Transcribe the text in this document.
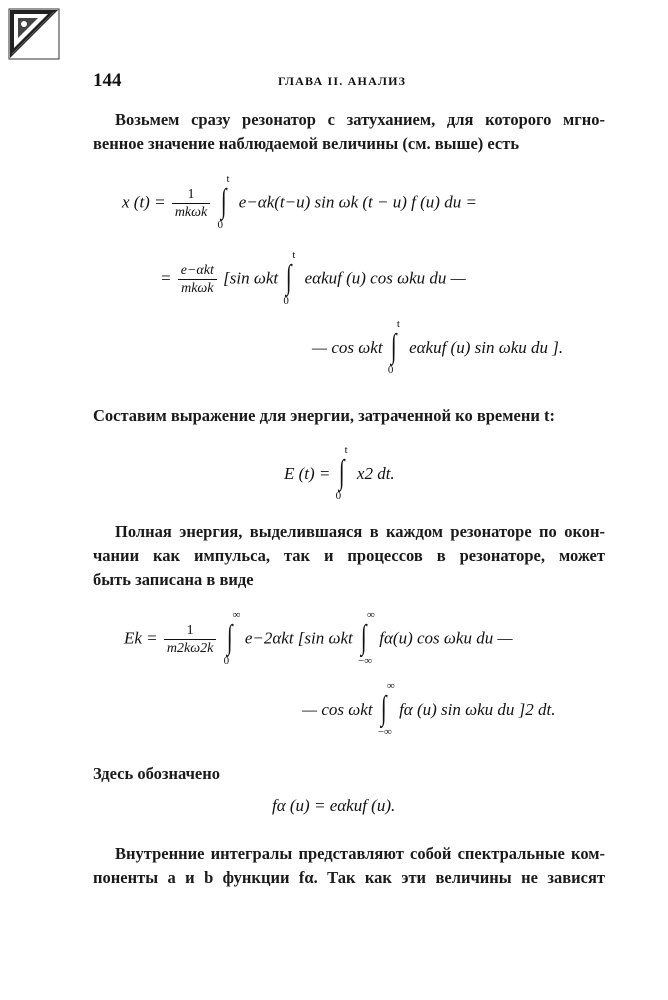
144	ГЛАВА II. АНАЛИЗ
Возьмем сразу резонатор с затуханием, для которого мгно-
венное значение наблюдаемой величины (см. выше) есть
x $(t) = \frac{1}{\text{mkωk}}$
∫
t
0
e−αk(t−u) sin ωk (t − u) f (u) du =
= $\frac{\text{e−αkt}}{\text{mkωk}} [\sin$ ωkt ∫
t
0
eαkuf (u) cos ωku du —
— cos ωkt ∫
t
0
eαkuf (u) sin ωku du ].
Составим выражение для энергии, затраченной ко времени t:
E (t) = ∫
t
0
x2 dt.
Полная энергия, выделившаяся в каждом резонаторе по окон-
чании как импульса, так и процессов в резонаторе, может
быть записана в виде
$Ek = \frac{1}{m2k\omega 2k}$
∫
∞
0
e−2αkt [sin ωkt ∫
∞
−∞
fα(u) cos ωku du —
— cos ωkt ∫
∞
−∞
fα (u) sin ωku du ]2 dt.
Здесь обозначено
fα (u) = eαkuf (u).
Внутренние интегралы представляют собой спектральные ком-
поненты a и b функции fα. Так как эти величины не зависят
